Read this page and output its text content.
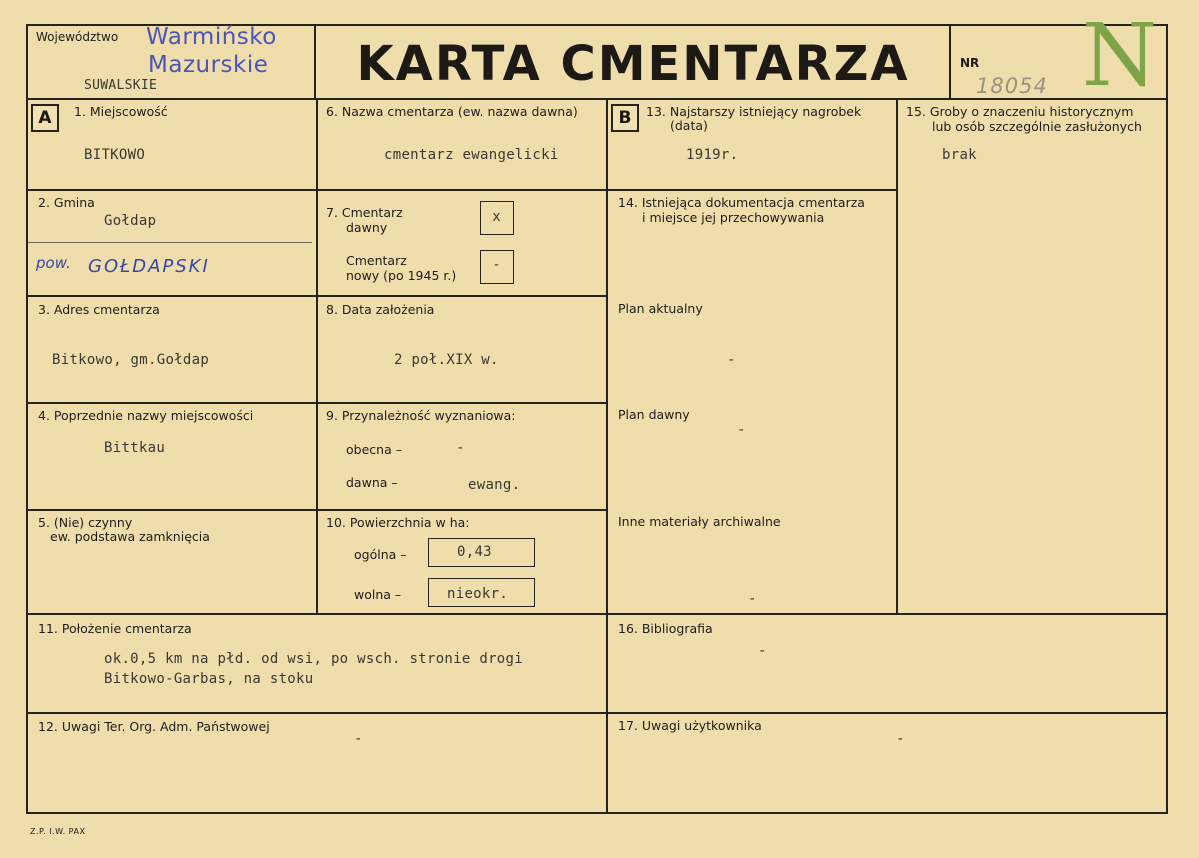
Województwo Warmińsko
Mazurskie
SUWALSKIE	KARTA CMENTARZA	NR
18054 N
A	B
1. Miejscowość
BITKOWO
2. Gmina
Gołdap
pow. GOŁDAPSKI
3. Adres cmentarza
Bitkowo, gm.Gołdap
4. Poprzednie nazwy miejscowości
Bittkau
5. (Nie) czynny
ew. podstawa zamknięcia
6. Nazwa cmentarza (ew. nazwa dawna)
cmentarz ewangelicki
7. Cmentarz
dawny
x
Cmentarz
nowy (po 1945 r.)
-
8. Data założenia
2 poł.XIX w.
9. Przynależność wyznaniowa:
obecna –	-
dawna –	ewang.
10. Powierzchnia w ha:
ogólna –	0,43
wolna –	nieokr.
11. Położenie cmentarza
ok.0,5 km na płd. od wsi, po wsch. stronie drogi
Bitkowo-Garbas, na stoku
12. Uwagi Ter. Org. Adm. Państwowej
-
13. Najstarszy istniejący nagrobek
(data)
1919r.
14. Istniejąca dokumentacja cmentarza
i miejsce jej przechowywania
Plan aktualny
-
Plan dawny
-
Inne materiały archiwalne
-
15. Groby o znaczeniu historycznym
lub osób szczególnie zasłużonych
brak
16. Bibliografia
-
17. Uwagi użytkownika
-
Z.P. I.W. PAX
